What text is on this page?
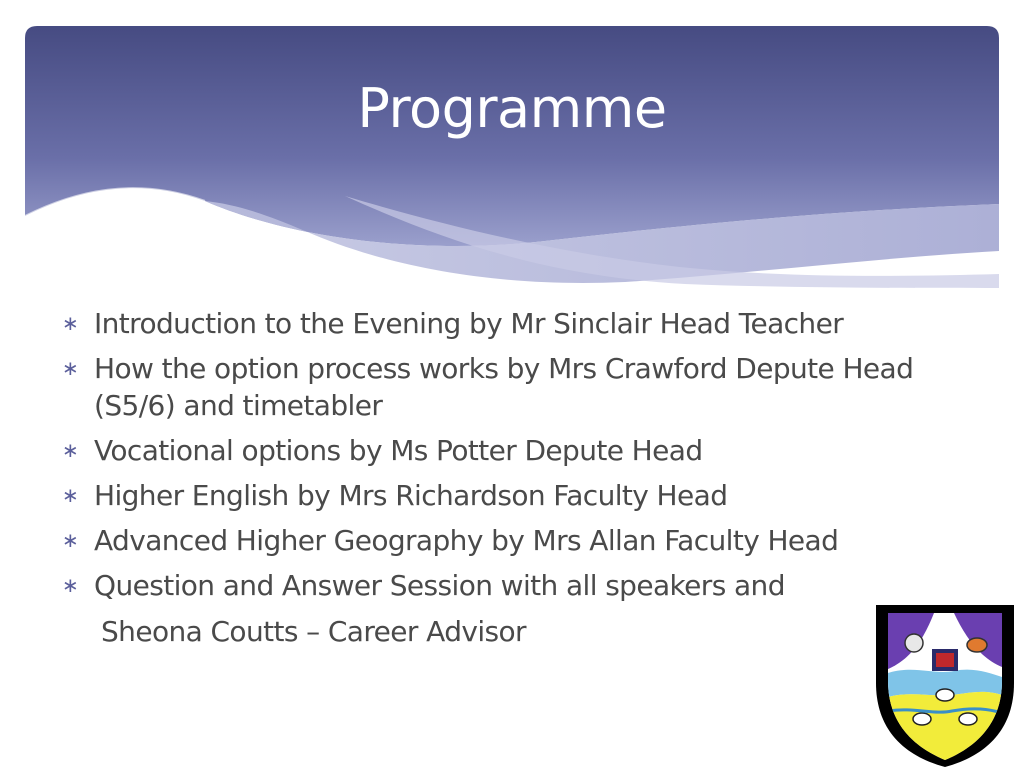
Programme
∗ Introduction to the Evening by Mr Sinclair Head Teacher
∗ How the option process works by Mrs Crawford Depute Head (S5/6) and timetabler
∗ Vocational options by Ms Potter Depute Head
∗ Higher English by Mrs Richardson Faculty Head
∗ Advanced Higher Geography by Mrs Allan Faculty Head
∗ Question and Answer Session with all speakers and
Sheona Coutts – Career Advisor
